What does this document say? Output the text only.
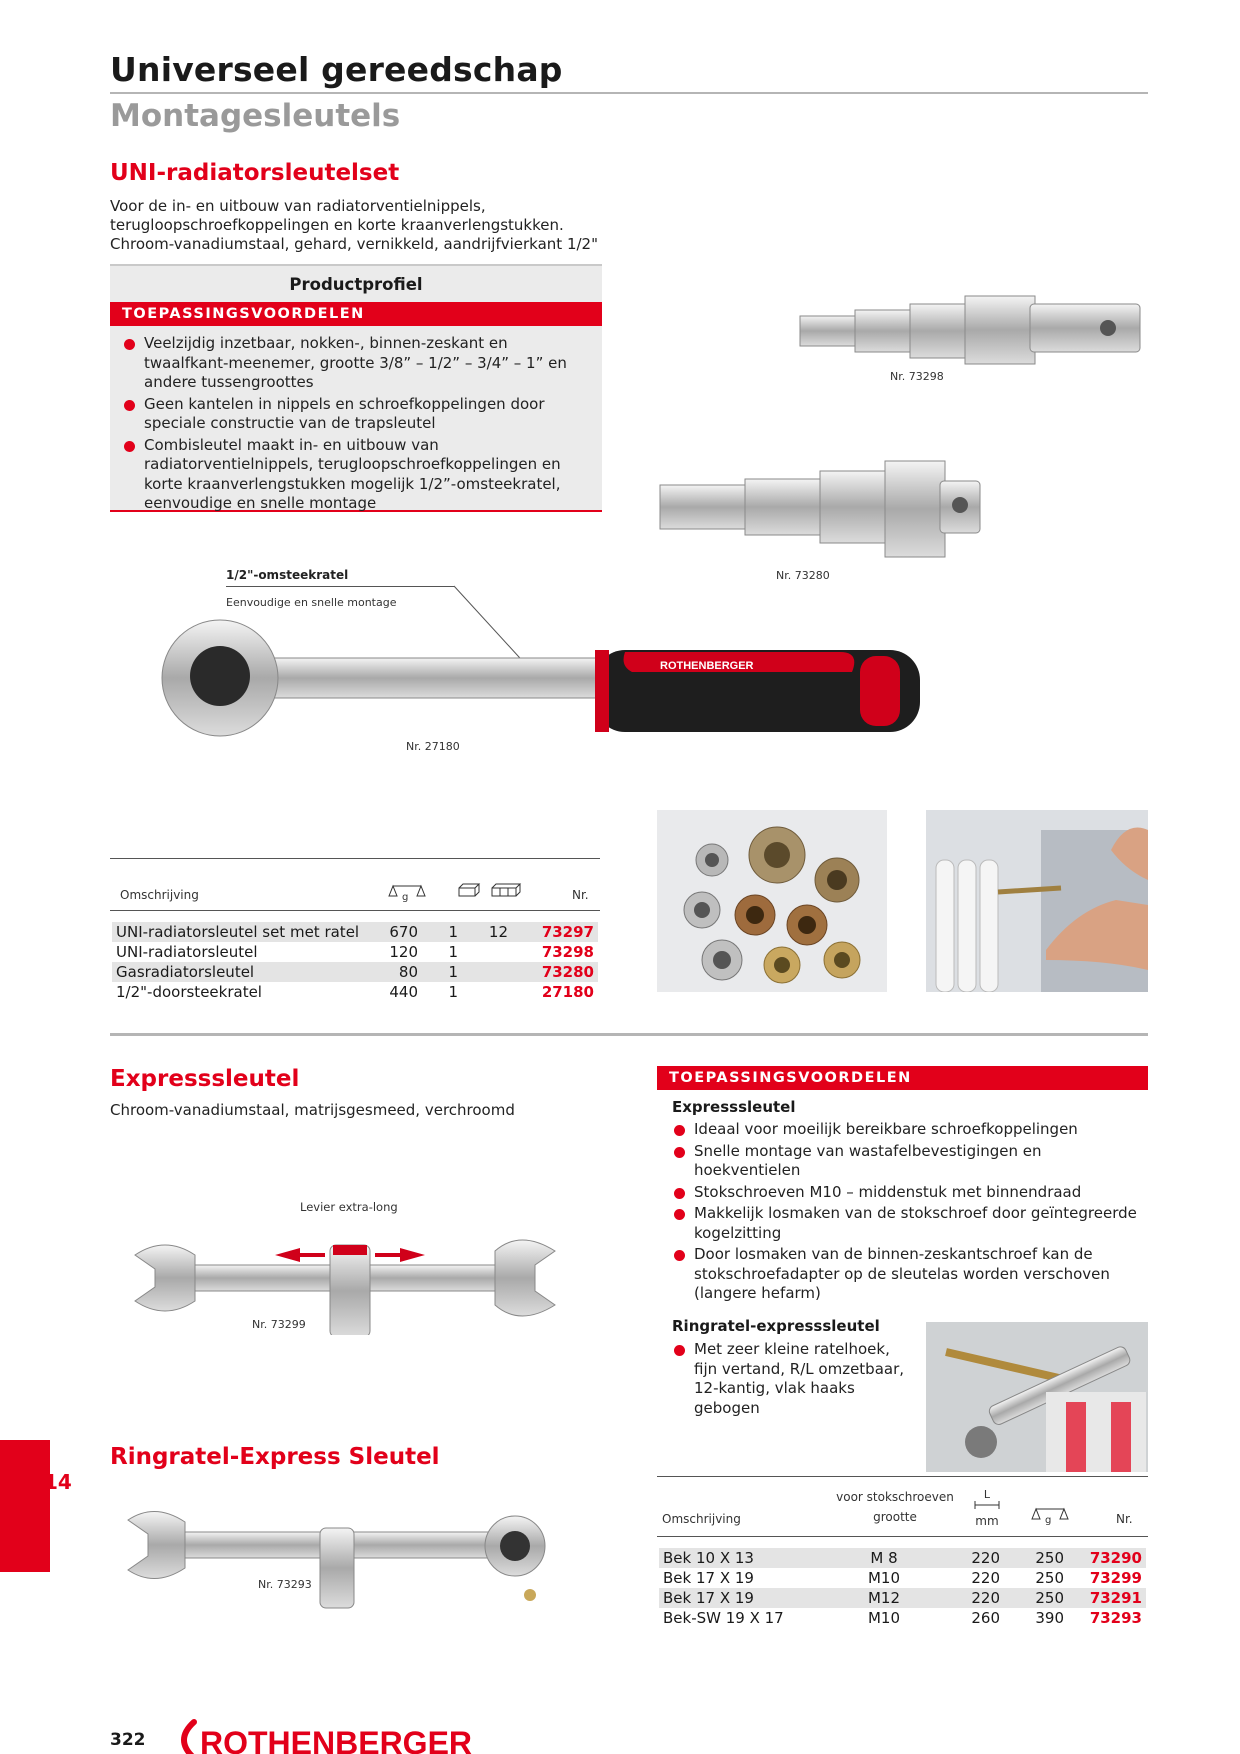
Universeel gereedschap
Montagesleutels
UNI-radiatorsleutelset
Voor de in- en uitbouw van radiatorventielnippels,
terugloopschroefkoppelingen en korte kraanverlengstukken.
Chroom-vanadiumstaal, gehard, vernikkeld, aandrijfvierkant 1/2"
Productprofiel
TOEPASSINGSVOORDELEN
Veelzijdig inzetbaar, nokken-, binnen-zeskant en twaalfkant-meenemer, grootte 3/8” – 1/2” – 3/4” – 1” en andere tussengroottes
Geen kantelen in nippels en schroefkoppelingen door speciale constructie van de trapsleutel
Combisleutel maakt in- en uitbouw van radiatorventielnippels, terugloopschroefkoppelingen en korte kraanverlengstukken mogelijk 1/2”-omsteekratel, eenvoudige en snelle montage
Nr. 73298
Nr. 73280
1/2"-omsteekratel
Eenvoudige en snelle montage
ROTHENBERGER
Nr. 27180
Omschrijving	g	Nr.
UNI-radiatorsleutel set met ratel	670	1	12	73297
UNI-radiatorsleutel	120	1		73298
Gasradiatorsleutel	80	1		73280
1/2"-doorsteekratel	440	1		27180
Expresssleutel
Chroom-vanadiumstaal, matrijsgesmeed, verchroomd
Levier extra-long
Nr. 73299
TOEPASSINGSVOORDELEN
Expresssleutel
Ideaal voor moeilijk bereikbare schroefkoppelingen
Snelle montage van wastafelbevestigingen en hoekventielen
Stokschroeven M10 – middenstuk met binnendraad
Makkelijk losmaken van de stokschroef door geïntegreerde kogelzitting
Door losmaken van de binnen-zeskantschroef kan de stokschroefadapter op de sleutelas worden verschoven (langere hefarm)
Ringratel-expresssleutel
Met zeer kleine ratelhoek, fijn vertand, R/L omzetbaar, 12-kantig, vlak haaks gebogen
Ringratel-Express Sleutel
Nr. 73293
Omschrijving
voor stokschroeven
grootte
L
mm	g	Nr.
Bek 10 X 13	M 8	220	250	73290
Bek 17 X 19	M10	220	250	73299
Bek 17 X 19	M12	220	250	73291
Bek-SW 19 X 17	M10	260	390	73293
14
322 ROTHENBERGER
